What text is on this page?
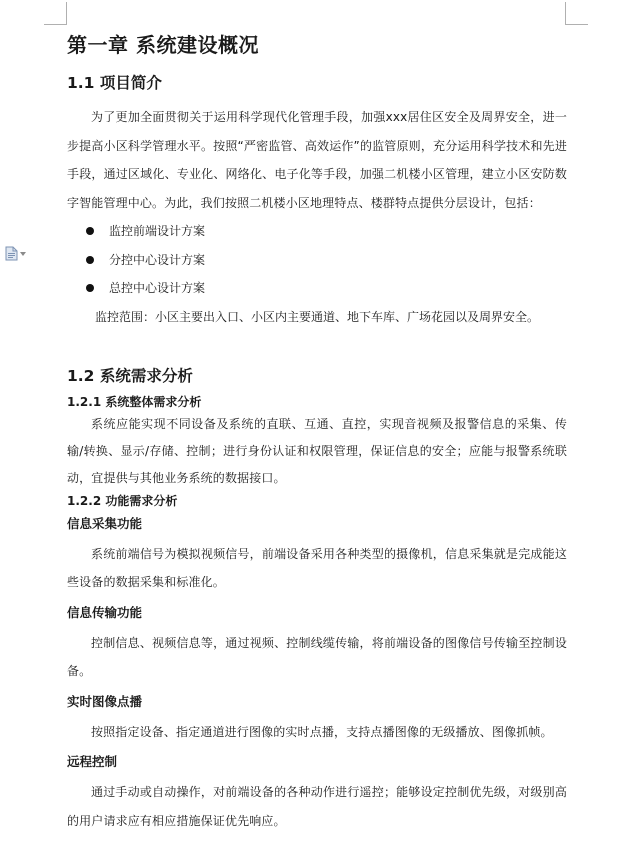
第一章 系统建设概况
1.1 项目简介

为了更加全面贯彻关于运用科学现代化管理手段，加强xxx居住区安全及周界安全，进一步提高小区科学管理水平。按照“严密监管、高效运作”的监管原则，充分运用科学技术和先进手段，通过区域化、专业化、网络化、电子化等手段，加强二机楼小区管理，建立小区安防数字智能管理中心。为此，我们按照二机楼小区地理特点、楼群特点提供分层设计，包括：

监控前端设计方案
分控中心设计方案
总控中心设计方案

监控范围：小区主要出入口、小区内主要通道、地下车库、广场花园以及周界安全。

1.2 系统需求分析
1.2.1 系统整体需求分析

系统应能实现不同设备及系统的直联、互通、直控，实现音视频及报警信息的采集、传输/转换、显示/存储、控制；进行身份认证和权限管理，保证信息的安全；应能与报警系统联动，宜提供与其他业务系统的数据接口。

1.2.2 功能需求分析
信息采集功能

系统前端信号为模拟视频信号，前端设备采用各种类型的摄像机，信息采集就是完成能这些设备的数据采集和标准化。

信息传输功能

控制信息、视频信息等，通过视频、控制线缆传输，将前端设备的图像信号传输至控制设备。

实时图像点播

按照指定设备、指定通道进行图像的实时点播，支持点播图像的无级播放、图像抓帧。

远程控制

通过手动或自动操作，对前端设备的各种动作进行遥控；能够设定控制优先级，对级别高的用户请求应有相应措施保证优先响应。
